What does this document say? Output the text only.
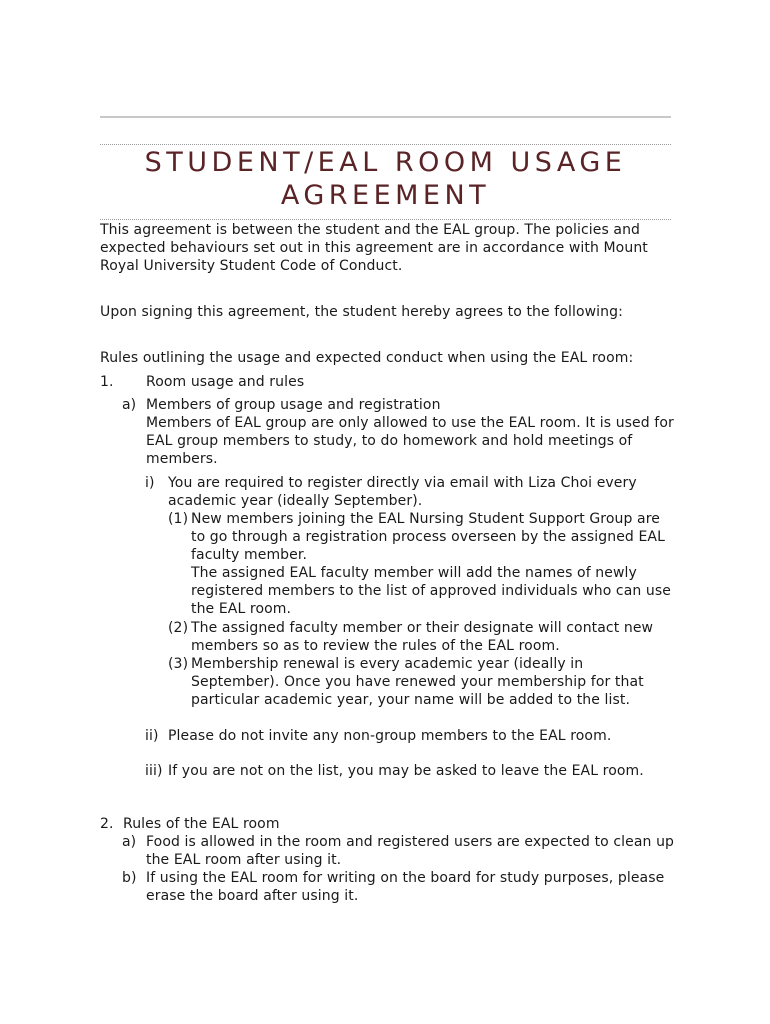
STUDENT/EAL ROOM USAGE
AGREEMENT
This agreement is between the student and the EAL group. The policies and expected behaviours set out in this agreement are in accordance with Mount Royal University Student Code of Conduct.
Upon signing this agreement, the student hereby agrees to the following:
Rules outlining the usage and expected conduct when using the EAL room:
1.	Room usage and rules
a) Members of group usage and registration
Members of EAL group are only allowed to use the EAL room. It is used for EAL group members to study, to do homework and hold meetings of members.
i) You are required to register directly via email with Liza Choi every academic year (ideally September).
(1) New members joining the EAL Nursing Student Support Group are to go through a registration process overseen by the assigned EAL faculty member.
The assigned EAL faculty member will add the names of newly registered members to the list of approved individuals who can use the EAL room.
(2) The assigned faculty member or their designate will contact new members so as to review the rules of the EAL room.
(3) Membership renewal is every academic year (ideally in September). Once you have renewed your membership for that particular academic year, your name will be added to the list.
ii) Please do not invite any non-group members to the EAL room.
iii) If you are not on the list, you may be asked to leave the EAL room.
2. Rules of the EAL room
a) Food is allowed in the room and registered users are expected to clean up the EAL room after using it.
b) If using the EAL room for writing on the board for study purposes, please erase the board after using it.
